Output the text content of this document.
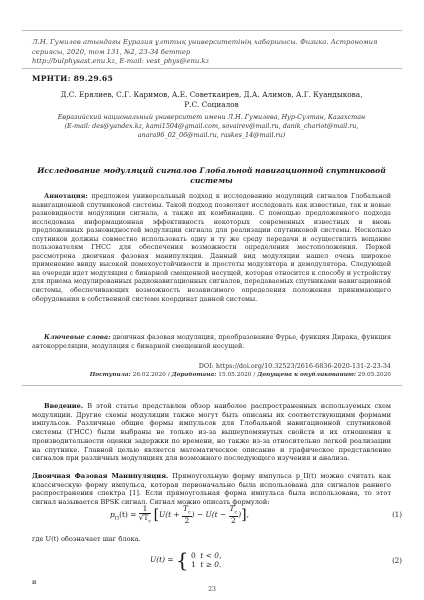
Л.Н. Гумилев атындағы Еуразия ұлттық университетінің хабаршысы. Физика. Астрономия
сериясы, 2020, том 131, №2, 23-34 беттер
http://bulphysast.enu.kz, E-mail: vest_phys@enu.kz
МРНТИ: 89.29.65
Д.С. Ерялиев, С.Г. Каримов, А.Е. Советкаирев, Д.А. Алимов, А.Г. Куандыкова,
Р.С. Социалов
Евразийский национальный университет имени Л.Н. Гумилева, Нур-Султан, Казахстан
(E-mail: des@yandex.kz, kami1504@gmail.com, sovairev@mail.ru, danik_chariot@mail.ru,
anara96_02_06@mail.ru, raskes_14@mail.ru)
Исследование модуляций сигналов Глобальной навигационной спутниковой
системы
Аннотация: предложен универсальный подход к исследованию модуляций сигналов Глобальной навигационной спутниковой системы. Такой подход позволяет исследовать как известные, так и новые разновидности модуляции сигнала, а также их комбинации. С помощью предложенного подхода исследована информационная эффективность некоторых современных известных и вновь предложенных разновидностей модуляции сигнала для реализации спутниковой системы. Несколько спутников должны совместно использовать одну и ту же среду передачи и осуществлять вещание пользователям ГНСС для обеспечения возможности определения местоположения. Первой рассмотрена двоичная фазовая манипуляция. Данный вид модуляции нашел очень широкое применение ввиду высокой помехоустойчивости и простоты модулятора и демодулятора. Следующей на очереди идет модуляция с бинарной смещенной несущей, которая относится к способу и устройству для приема модулированных радионавигационных сигналов, передаваемых спутниками навигационной системы, обеспечивающих возможность независимого определения положения принимающего оборудования в собственной системе координат данной системы.
Ключевые слова: двоичная фазовая модуляция, преобразование Фурье, функция Дирака, функция автокорреляции, модуляция с бинарной смещенной несущей.
DOI: https://doi.org/10.32523/2616-6836-2020-131-2-23-34
Поступила: 26.02.2020 / Доработана: 15.05.2020 / Допущена к опубликованию: 29.05.2020
Введение. В этой статье представлен обзор наиболее распространенных используемых схем модуляции. Другие схемы модуляции также могут быть описаны их соответствующими формами импульсов. Различные общие формы импульсов для Глобальной навигационной спутниковой системы (ГНСС) были выбраны не только из-за вышеупомянутых свойств и их отношения к производительности оценки задержки по времени, но также из-за относительно легкой реализации на спутнике. Главной целью является математическое описание и графическое представление сигналов при различных модуляциях для возможного последующего изучения и анализа.
Двоичная Фазовая Манипуляция. Прямоугольную форму импульса p_II(t) можно считать как классическую форму импульса, которая первоначально была использована для сигналов раннего распространения спектра [1]. Если прямоугольная форма импульса была использована, то этот сигнал называется BPSK сигнал. Сигнал можно описать формулой:
$p_П(t) = \frac{1}{√T_c} [U(t + \frac{T_c}{2}$ ) − $U(t - \frac{T_c}{2}$ )],	(1)
где U(t) обозначает шаг блока.
U(t) = { 0 t < 0,
1 t ≥ 0.	(2)
и
23
